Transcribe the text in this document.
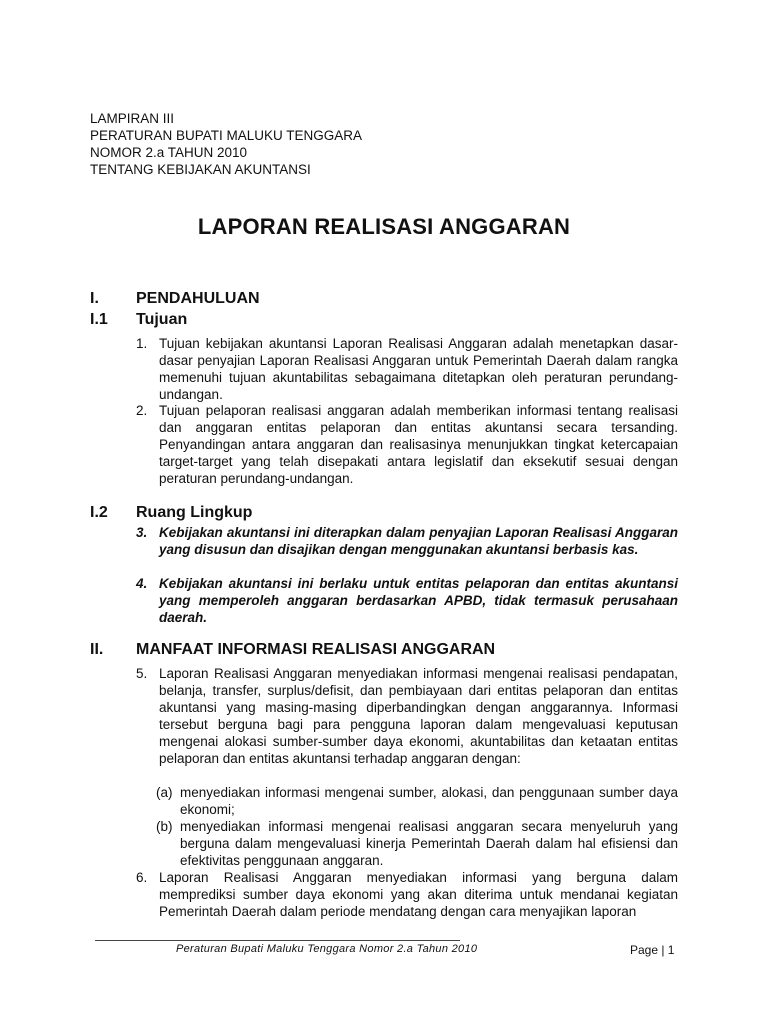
LAMPIRAN III
PERATURAN BUPATI MALUKU TENGGARA
NOMOR 2.a TAHUN 2010
TENTANG KEBIJAKAN AKUNTANSI
LAPORAN REALISASI ANGGARAN
I. PENDAHULUAN
I.1 Tujuan
1. Tujuan kebijakan akuntansi Laporan Realisasi Anggaran adalah menetapkan dasar-dasar penyajian Laporan Realisasi Anggaran untuk Pemerintah Daerah dalam rangka memenuhi tujuan akuntabilitas sebagaimana ditetapkan oleh peraturan perundang-undangan.
2. Tujuan pelaporan realisasi anggaran adalah memberikan informasi tentang realisasi dan anggaran entitas pelaporan dan entitas akuntansi secara tersanding. Penyandingan antara anggaran dan realisasinya menunjukkan tingkat ketercapaian target-target yang telah disepakati antara legislatif dan eksekutif sesuai dengan peraturan perundang-undangan.
I.2 Ruang Lingkup
3. Kebijakan akuntansi ini diterapkan dalam penyajian Laporan Realisasi Anggaran yang disusun dan disajikan dengan menggunakan akuntansi berbasis kas.
4. Kebijakan akuntansi ini berlaku untuk entitas pelaporan dan entitas akuntansi yang memperoleh anggaran berdasarkan APBD, tidak termasuk perusahaan daerah.
II. MANFAAT INFORMASI REALISASI ANGGARAN
5. Laporan Realisasi Anggaran menyediakan informasi mengenai realisasi pendapatan, belanja, transfer, surplus/defisit, dan pembiayaan dari entitas pelaporan dan entitas akuntansi yang masing-masing diperbandingkan dengan anggarannya. Informasi tersebut berguna bagi para pengguna laporan dalam mengevaluasi keputusan mengenai alokasi sumber-sumber daya ekonomi, akuntabilitas dan ketaatan entitas pelaporan dan entitas akuntansi terhadap anggaran dengan:
(a) menyediakan informasi mengenai sumber, alokasi, dan penggunaan sumber daya ekonomi;
(b) menyediakan informasi mengenai realisasi anggaran secara menyeluruh yang berguna dalam mengevaluasi kinerja Pemerintah Daerah dalam hal efisiensi dan efektivitas penggunaan anggaran.
6. Laporan Realisasi Anggaran menyediakan informasi yang berguna dalam memprediksi sumber daya ekonomi yang akan diterima untuk mendanai kegiatan Pemerintah Daerah dalam periode mendatang dengan cara menyajikan laporan
Peraturan Bupati Maluku Tenggara Nomor 2.a Tahun 2010	Page | 1
